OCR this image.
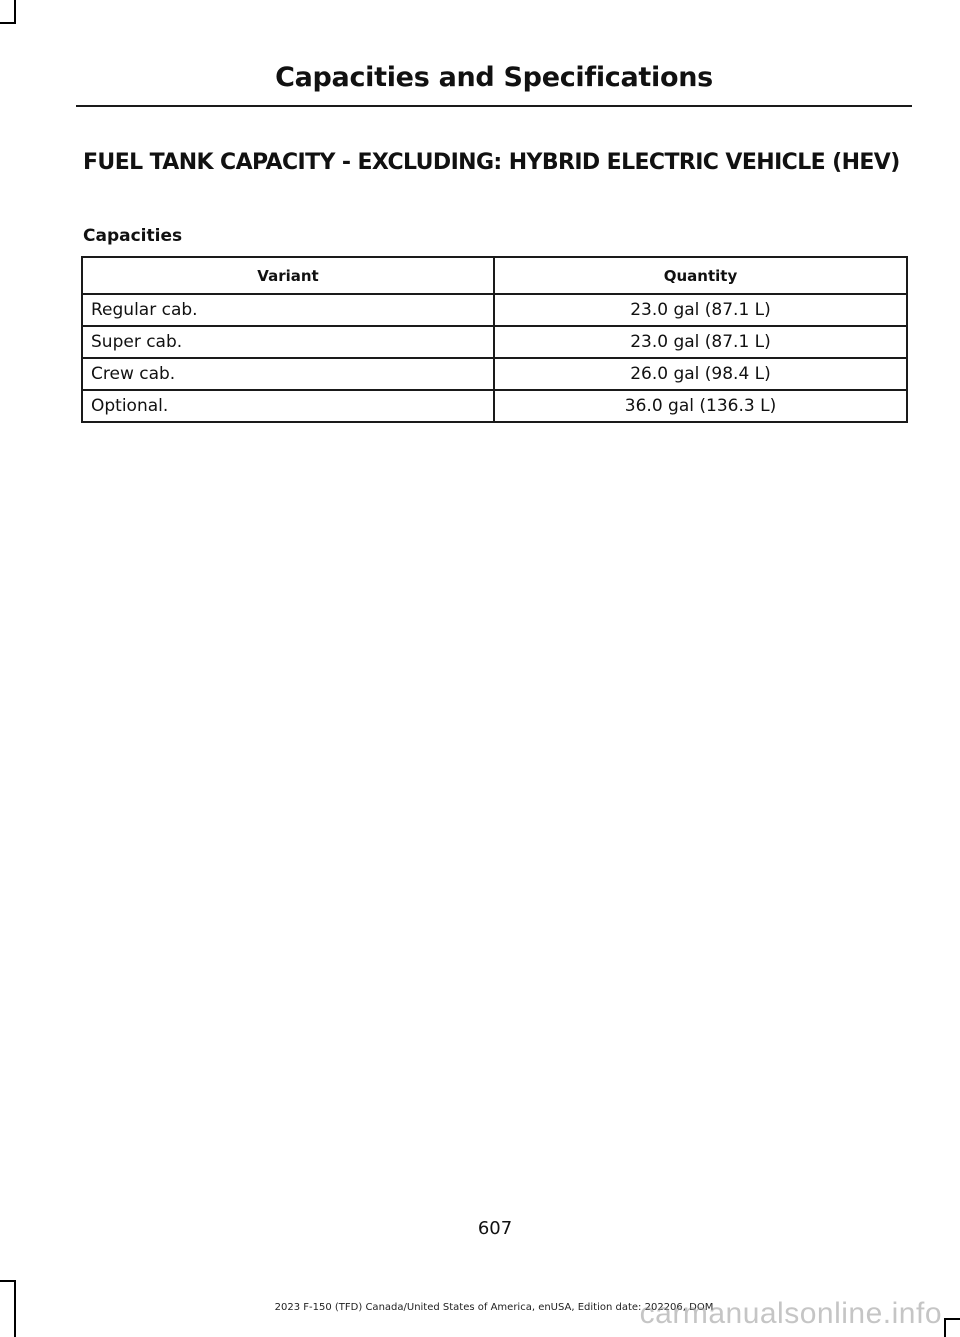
Capacities and Specifications
FUEL TANK CAPACITY - EXCLUDING: HYBRID ELECTRIC VEHICLE (HEV)
Capacities
Variant	Quantity
Regular cab.	23.0 gal (87.1 L)
Super cab.	23.0 gal (87.1 L)
Crew cab.	26.0 gal (98.4 L)
Optional.	36.0 gal (136.3 L)
607
2023 F-150 (TFD) Canada/United States of America, enUSA, Edition date: 202206, DOM
carmanualsonline.info
